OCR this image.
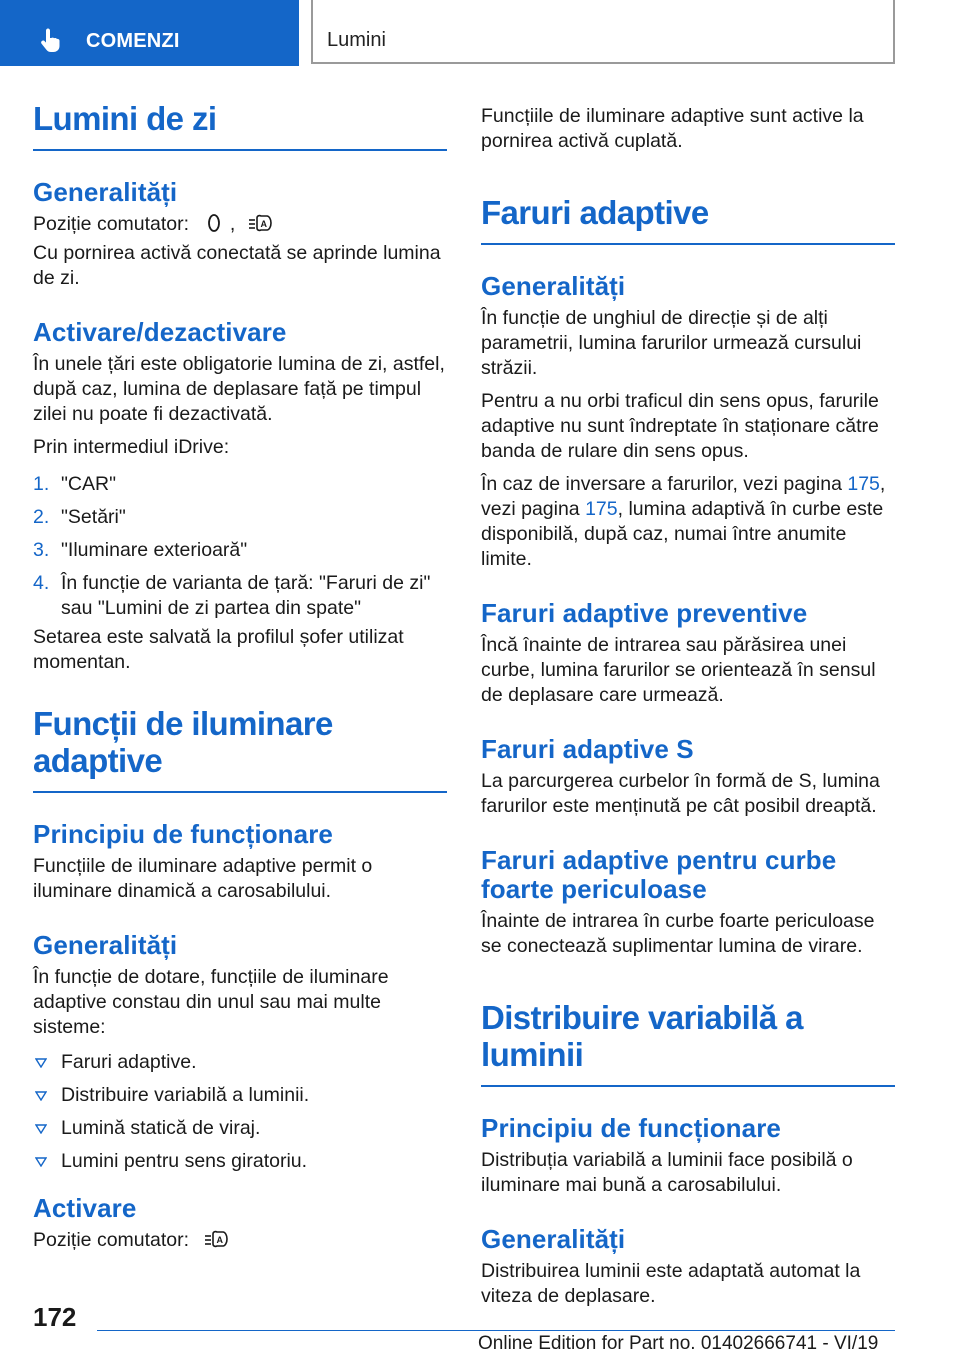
COMENZI	Lumini
Lumini de zi
Generalități
Poziție comutator: ,	A
Cu pornirea activă conectată se aprinde lumina de zi.
Activare/dezactivare
În unele țări este obligatorie lumina de zi, astfel, după caz, lumina de deplasare față pe timpul zilei nu poate fi dezactivată.
Prin intermediul iDrive:
1. "CAR"
2. "Setări"
3. "Iluminare exterioară"
4. În funcție de varianta de țară: "Faruri de zi" sau "Lumini de zi partea din spate"
Setarea este salvată la profilul șofer utilizat momentan.
Funcții de iluminare adaptive
Principiu de funcționare
Funcțiile de iluminare adaptive permit o iluminare dinamică a carosabilului.
Generalități
În funcție de dotare, funcțiile de iluminare adaptive constau din unul sau mai multe sisteme:
Faruri adaptive.
Distribuire variabilă a luminii.
Lumină statică de viraj.
Lumini pentru sens giratoriu.
Activare
Poziție comutator:	A
Funcțiile de iluminare adaptive sunt active la pornirea activă cuplată.
Faruri adaptive
Generalități
În funcție de unghiul de direcție și de alți parametrii, lumina farurilor urmează cursului străzii.
Pentru a nu orbi traficul din sens opus, farurile adaptive nu sunt îndreptate în staționare către banda de rulare din sens opus.
În caz de inversare a farurilor, vezi pagina 175, vezi pagina 175, lumina adaptivă în curbe este disponibilă, după caz, numai între anumite limite.
Faruri adaptive preventive
Încă înainte de intrarea sau părăsirea unei curbe, lumina farurilor se orientează în sensul de deplasare care urmează.
Faruri adaptive S
La parcurgerea curbelor în formă de S, lumina farurilor este menținută pe cât posibil dreaptă.
Faruri adaptive pentru curbe foarte periculoase
Înainte de intrarea în curbe foarte periculoase se conectează suplimentar lumina de virare.
Distribuire variabilă a luminii
Principiu de funcționare
Distribuția variabilă a luminii face posibilă o iluminare mai bună a carosabilului.
Generalități
Distribuirea luminii este adaptată automat la viteza de deplasare.
172
Online Edition for Part no. 01402666741 - VI/19
